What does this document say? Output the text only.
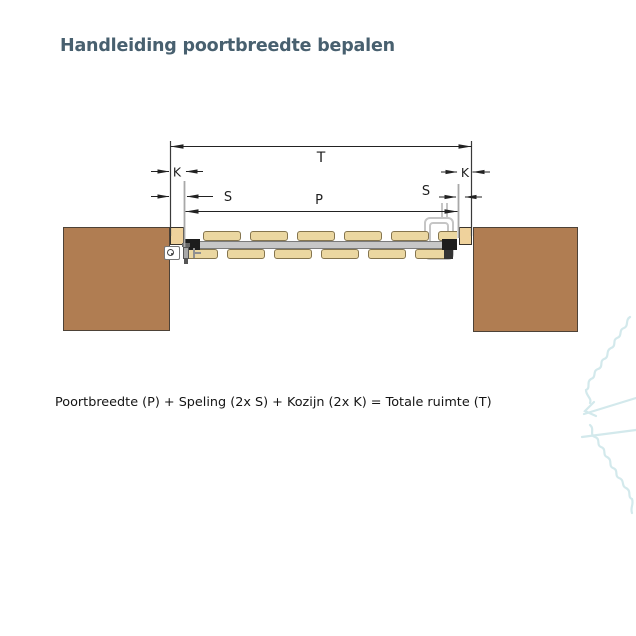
Handleiding poortbreedte bepalen
T
K	K
S	S
P

Poortbreedte (P) + Speling (2x S) + Kozijn (2x K) = Totale ruimte (T)
